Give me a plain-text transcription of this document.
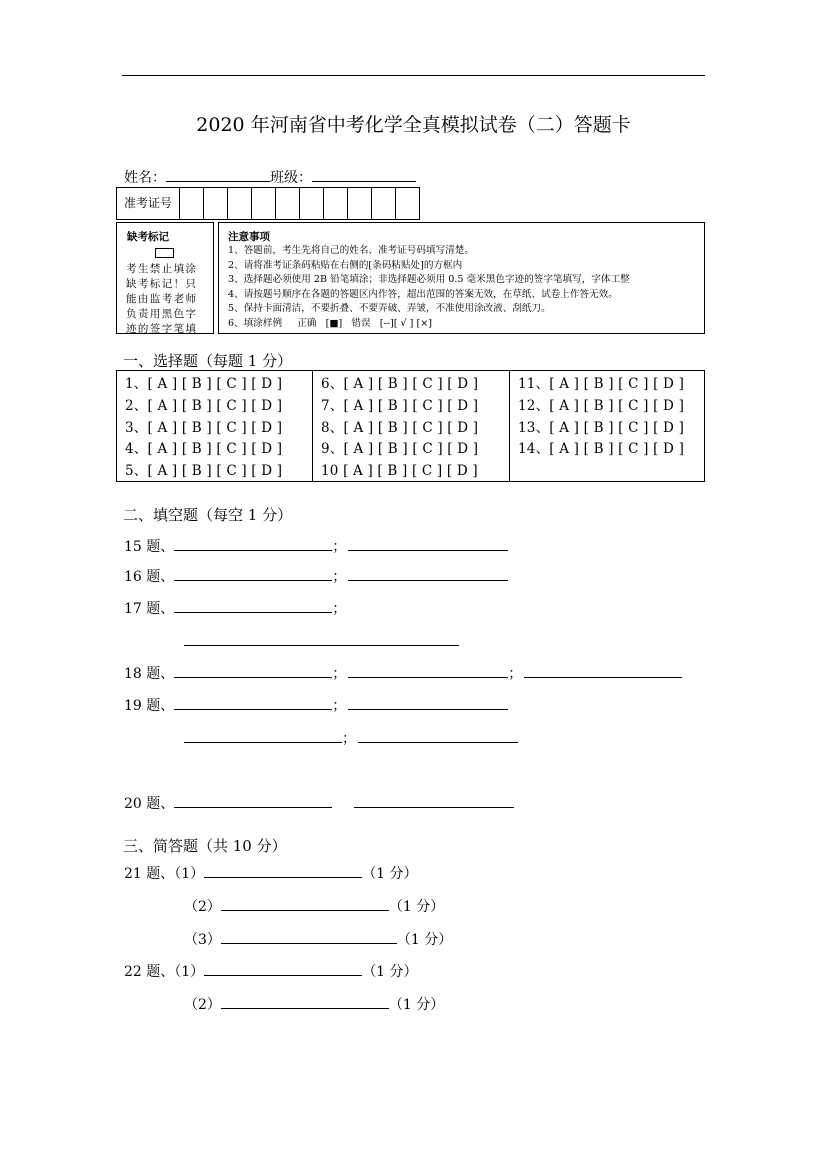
2020 年河南省中考化学全真模拟试卷（二）答题卡
姓名：	班级：
准考证号
缺考标记
考生禁止填涂
缺考标记！只
能由监考老师
负责用黑色字
迹的签字笔填
注意事项
1、答题前，考生先将自己的姓名、准考证号码填写清楚。
2、请将准考证条码粘贴在右侧的[条码粘贴处]的方框内
3、选择题必须使用 2B 铅笔填涂；非选择题必须用 0.5 毫米黑色字迹的签字笔填写，字体工整
4、请按题号顺序在各题的答题区内作答，超出范围的答案无效，在草纸、试卷上作答无效。
5、保持卡面清洁，不要折叠、不要弄破、弄皱，不准使用涂改液、刮纸刀。
6、填涂样例 正确 [■] 错误 [--][ √ ] [×]
一、选择题（每题 1 分）
1、[ A ] [ B ] [ C ] [ D ]
2、[ A ] [ B ] [ C ] [ D ]
3、[ A ] [ B ] [ C ] [ D ]
4、[ A ] [ B ] [ C ] [ D ]
5、[ A ] [ B ] [ C ] [ D ]
6、[ A ] [ B ] [ C ] [ D ]
7、[ A ] [ B ] [ C ] [ D ]
8、[ A ] [ B ] [ C ] [ D ]
9、[ A ] [ B ] [ C ] [ D ]
10 [ A ] [ B ] [ C ] [ D ]
11、[ A ] [ B ] [ C ] [ D ]
12、[ A ] [ B ] [ C ] [ D ]
13、[ A ] [ B ] [ C ] [ D ]
14、[ A ] [ B ] [ C ] [ D ]
二、填空题（每空 1 分）
15 题、	；
16 题、	；
17 题、	；
18 题、	；	；
19 题、	；
；
20 题、
三、简答题（共 10 分）
21 题、（1）	（1 分）
（2）	（1 分）
（3）	（1 分）
22 题、（1）	（1 分）
（2）	（1 分）
